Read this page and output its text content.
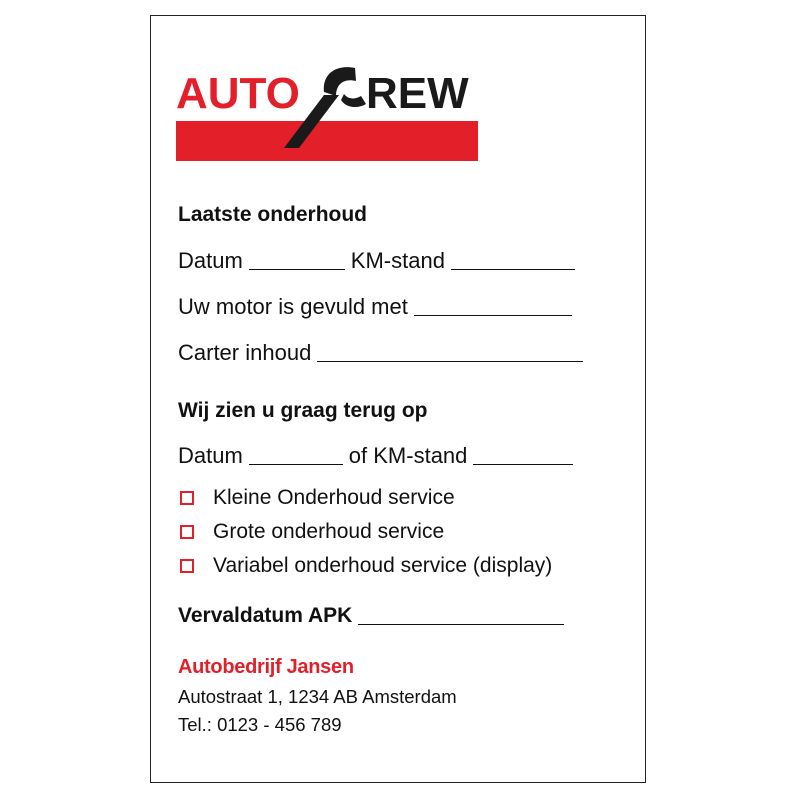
AUTO REW
Laatste onderhoud
Datum	KM-stand
Uw motor is gevuld met
Carter inhoud
Wij zien u graag terug op
Datum	of KM-stand
Kleine Onderhoud service
Grote onderhoud service
Variabel onderhoud service (display)
Vervaldatum APK
Autobedrijf Jansen
Autostraat 1, 1234 AB Amsterdam
Tel.: 0123 - 456 789
